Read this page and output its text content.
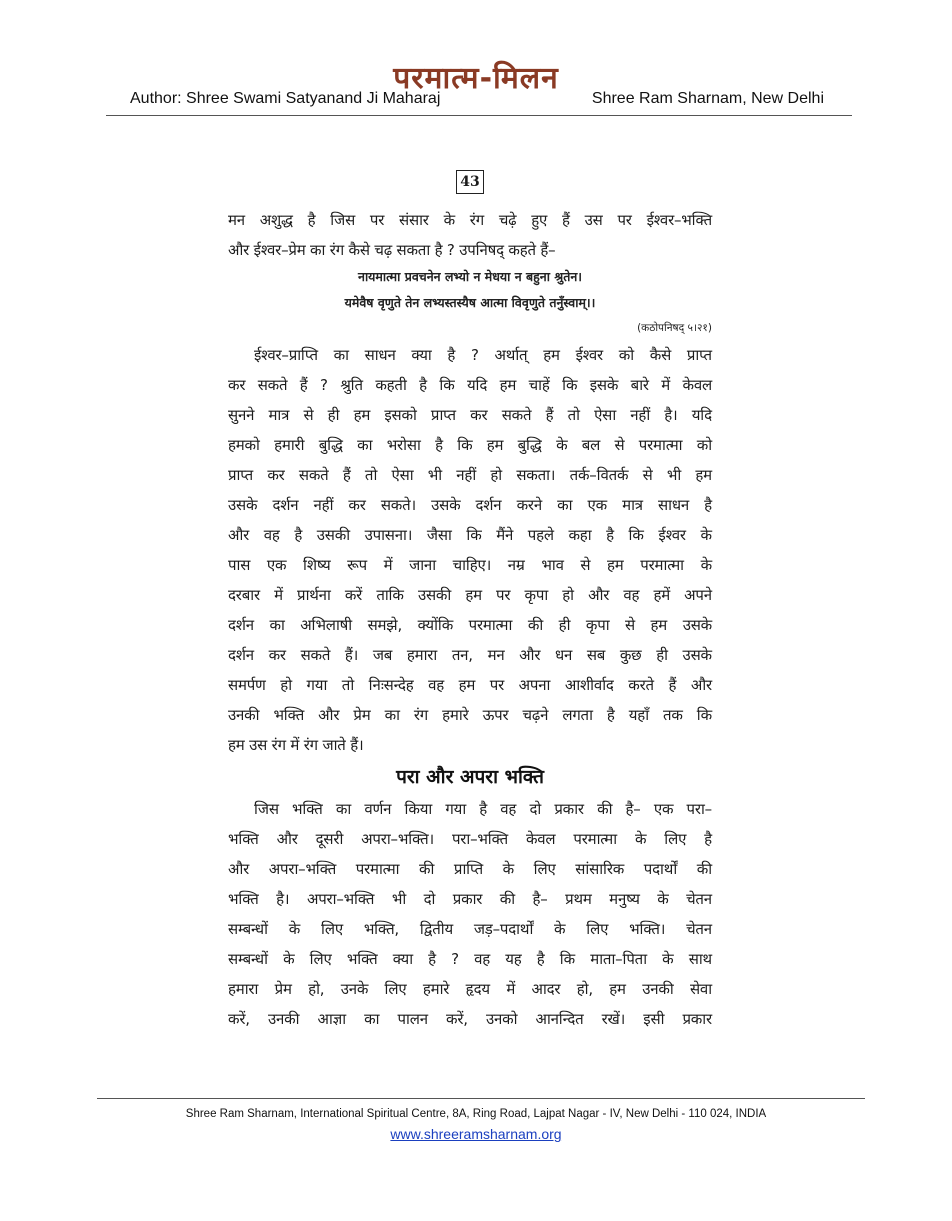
परमात्म-मिलन
Author: Shree Swami Satyanand Ji Maharaj	Shree Ram Sharnam, New Delhi
43
मन अशुद्ध है जिस पर संसार के रंग चढ़े हुए हैं उस पर ईश्वर–भक्ति
और ईश्वर–प्रेम का रंग कैसे चढ़ सकता है ? उपनिषद् कहते हैं–
नायमात्मा प्रवचनेन लभ्यो न मेधया न बहुना श्रुतेन।
यमेवैष वृणुते तेन लभ्यस्तस्यैष आत्मा विवृणुते तनुँस्वाम्।।
(कठोपनिषद् ५।२१)
ईश्वर–प्राप्ति का साधन क्या है ? अर्थात् हम ईश्वर को कैसे प्राप्त
कर सकते हैं ? श्रुति कहती है कि यदि हम चाहें कि इसके बारे में केवल
सुनने मात्र से ही हम इसको प्राप्त कर सकते हैं तो ऐसा नहीं है। यदि
हमको हमारी बुद्धि का भरोसा है कि हम बुद्धि के बल से परमात्मा को
प्राप्त कर सकते हैं तो ऐसा भी नहीं हो सकता। तर्क–वितर्क से भी हम
उसके दर्शन नहीं कर सकते। उसके दर्शन करने का एक मात्र साधन है
और वह है उसकी उपासना। जैसा कि मैंने पहले कहा है कि ईश्वर के
पास एक शिष्य रूप में जाना चाहिए। नम्र भाव से हम परमात्मा के
दरबार में प्रार्थना करें ताकि उसकी हम पर कृपा हो और वह हमें अपने
दर्शन का अभिलाषी समझे, क्योंकि परमात्मा की ही कृपा से हम उसके
दर्शन कर सकते हैं। जब हमारा तन, मन और धन सब कुछ ही उसके
समर्पण हो गया तो निःसन्देह वह हम पर अपना आशीर्वाद करते हैं और
उनकी भक्ति और प्रेम का रंग हमारे ऊपर चढ़ने लगता है यहाँ तक कि
हम उस रंग में रंग जाते हैं।
परा और अपरा भक्ति
जिस भक्ति का वर्णन किया गया है वह दो प्रकार की है– एक परा–
भक्ति और दूसरी अपरा–भक्ति। परा–भक्ति केवल परमात्मा के लिए है
और अपरा–भक्ति परमात्मा की प्राप्ति के लिए सांसारिक पदार्थों की
भक्ति है। अपरा–भक्ति भी दो प्रकार की है– प्रथम मनुष्य के चेतन
सम्बन्धों के लिए भक्ति, द्वितीय जड़–पदार्थों के लिए भक्ति। चेतन
सम्बन्धों के लिए भक्ति क्या है ? वह यह है कि माता–पिता के साथ
हमारा प्रेम हो, उनके लिए हमारे हृदय में आदर हो, हम उनकी सेवा
करें, उनकी आज्ञा का पालन करें, उनको आनन्दित रखें। इसी प्रकार
Shree Ram Sharnam, International Spiritual Centre, 8A, Ring Road, Lajpat Nagar - IV, New Delhi - 110 024, INDIA
www.shreeramsharnam.org
